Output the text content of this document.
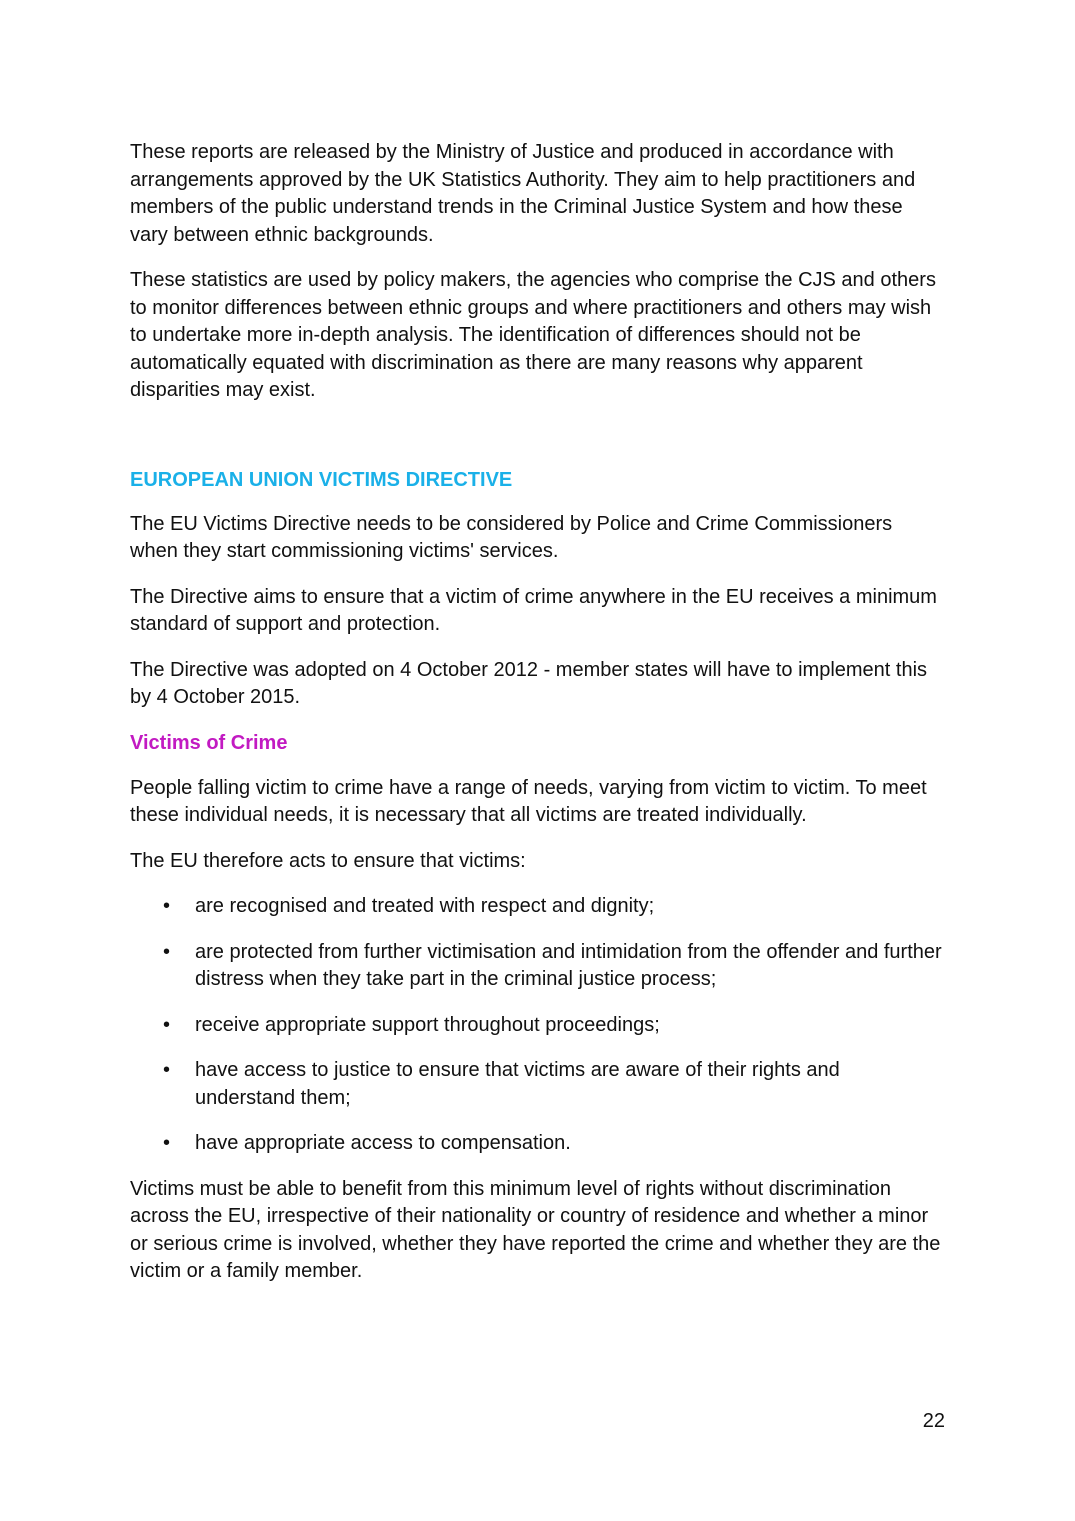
These reports are released by the Ministry of Justice and produced in accordance with arrangements approved by the UK Statistics Authority. They aim to help practitioners and members of the public understand trends in the Criminal Justice System and how these vary between ethnic backgrounds.

These statistics are used by policy makers, the agencies who comprise the CJS and others to monitor differences between ethnic groups and where practitioners and others may wish to undertake more in-depth analysis. The identification of differences should not be automatically equated with discrimination as there are many reasons why apparent disparities may exist.

EUROPEAN UNION VICTIMS DIRECTIVE

The EU Victims Directive needs to be considered by Police and Crime Commissioners when they start commissioning victims' services.

The Directive aims to ensure that a victim of crime anywhere in the EU receives a minimum standard of support and protection.

The Directive was adopted on 4 October 2012 - member states will have to implement this by 4 October 2015.

Victims of Crime

People falling victim to crime have a range of needs, varying from victim to victim. To meet these individual needs, it is necessary that all victims are treated individually.

The EU therefore acts to ensure that victims:

• are recognised and treated with respect and dignity;
• are protected from further victimisation and intimidation from the offender and further distress when they take part in the criminal justice process;
• receive appropriate support throughout proceedings;
• have access to justice to ensure that victims are aware of their rights and understand them;
• have appropriate access to compensation.

Victims must be able to benefit from this minimum level of rights without discrimination across the EU, irrespective of their nationality or country of residence and whether a minor or serious crime is involved, whether they have reported the crime and whether they are the victim or a family member.

22
